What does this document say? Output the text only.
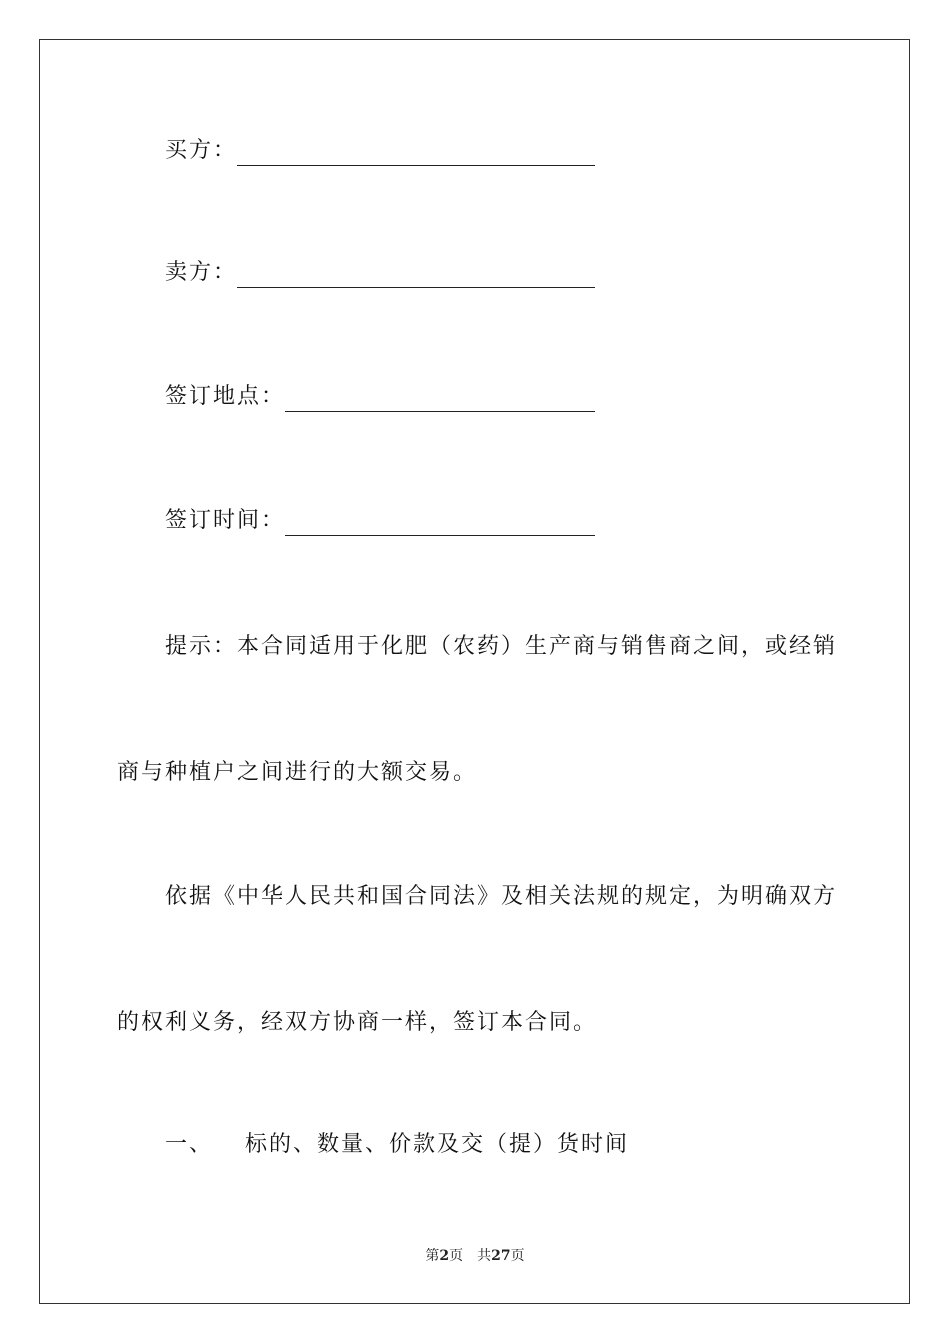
买方：
卖方：
签订地点：
签订时间：
提示：本合同适用于化肥（农药）生产商与销售商之间，或经销
商与种植户之间进行的大额交易。
依据《中华人民共和国合同法》及相关法规的规定，为明确双方
的权利义务，经双方协商一样，签订本合同。
一、 标的、数量、价款及交（提）货时间
第2页　共27页
